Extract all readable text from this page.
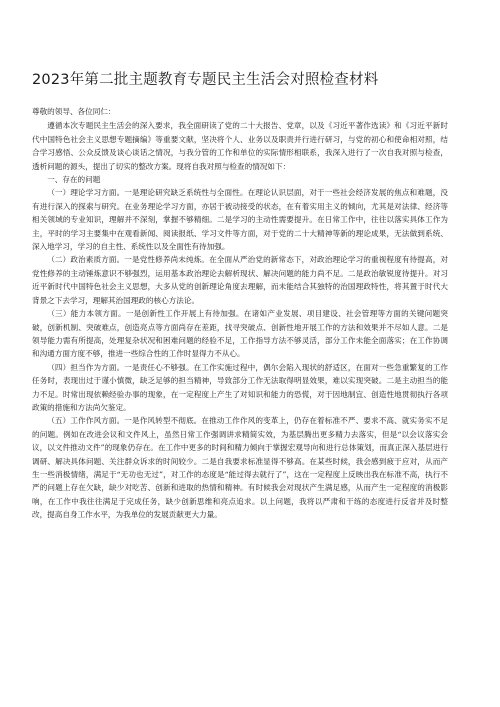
2023年第二批主题教育专题民主生活会对照检查材料

尊敬的领导、各位同仁：

遵循本次专题民主生活会的深入要求，我全面研读了党的二十大报告、党章，以及《习近平著作选读》和《习近平新时代中国特色社会主义思想专题摘编》等重要文献，坚决将个人、业务以及职责并行进行研习，与党的初心和使命相对照，结合学习感悟、公众反馈及谈心谈话之情况，与我分管的工作和单位的实际情形相联系，我深入进行了一次自我对照与检查，透析问题的源头，提出了切实的整改方案。现将自我对照与检查的情况如下：

一、存在的问题

（一）理论学习方面。一是理论研究缺乏系统性与全面性。在理论认识层面，对于一些社会经济发展的焦点和难题，没有进行深入的探索与研究。在业务理论学习方面，亦居于被动接受的状态，在有着实用主义的倾向，尤其是对法律、经济等相关领域的专业知识，理解并不深刻，掌握不够精细。二是学习的主动性需要提升。在日常工作中，往往以落实具体工作为主，平时的学习主要集中在观看新闻、阅读报纸、学习文件等方面，对于党的二十大精神等新的理论成果，无法做到系统、深入地学习，学习的自主性、系统性以及全面性有待加强。

（二）政治素质方面。一是党性修养尚未纯炼。在全面从严治党的新常态下，对政治理论学习的重视程度有待提高，对党性修养的主动锤炼意识不够强烈，运用基本政治理论去解析现状、解决问题的能力尚不足。二是政治敏锐度待提升。对习近平新时代中国特色社会主义思想，大多从党的创新理论角度去理解，而未能结合其独特的治国理政特性，将其置于时代大背景之下去学习，理解其治国理政的核心方法论。

（三）能力本领方面。一是创新性工作开展上有待加强。在诸如产业发展、项目建设、社会管理等方面的关键问题突破，创新机制、突破难点，创造亮点等方面尚存在差距，找寻突破点、创新性地开展工作的方法和效果并不尽如人意。二是领导能力需有所提高，处理复杂状况和困难问题的经验不足，工作指导方法不够灵活，部分工作未能全面落实；在工作协调和沟通方面方度不够，推进一些综合性的工作时显得力不从心。

（四）担当作为方面。一是责任心不够强。在工作实施过程中，偶尔会陷入现状的舒适区，在面对一些急重繁复的工作任务时，表现出过于谨小慎微，缺乏足够的担当精神，导致部分工作无法取得明显效果，难以实现突破。二是主动担当的能力不足。时常出现依赖经验办事的现象，在一定程度上产生了对知识和能力的恐慌，对于因地制宜、创造性地贯彻执行各项政策的措施和方法尚欠鉴定。

（五）工作作风方面。一是作风转型不彻底。在推动工作作风的变革上，仍存在着标准不严、要求不高、就实务实不足的问题。例如在改进会议和文件风上，虽然日常工作强调讲求精简实效，为基层腾出更多精力去落实，但是“以会议落实会议，以文件推动文件”的现象仍存在。在工作中更多的时间和精力倾向于掌握宏观导向和进行总体策划，而真正深入基层进行调研、解决具体问题、关注群众诉求的时间较少。二是自我要求标准显得不够高。在某些时候，我会感到疲于应对，从而产生一些消极情绪，满足于“无功也无过”，对工作的态度是“能过得去就行了”，这在一定程度上反映出我在标准不高，执行不严的问题上存在欠缺，缺少对吃苦、创新和进取的热情和精神。有时候我会对现状产生满足感，从而产生一定程度的消极影响，在工作中我往往满足于完成任务，缺少创新思维和亮点追求。以上问题，我将以严肃和干练的态度进行反省并及时整改，提高自身工作水平，为我单位的发展贡献更大力量。
